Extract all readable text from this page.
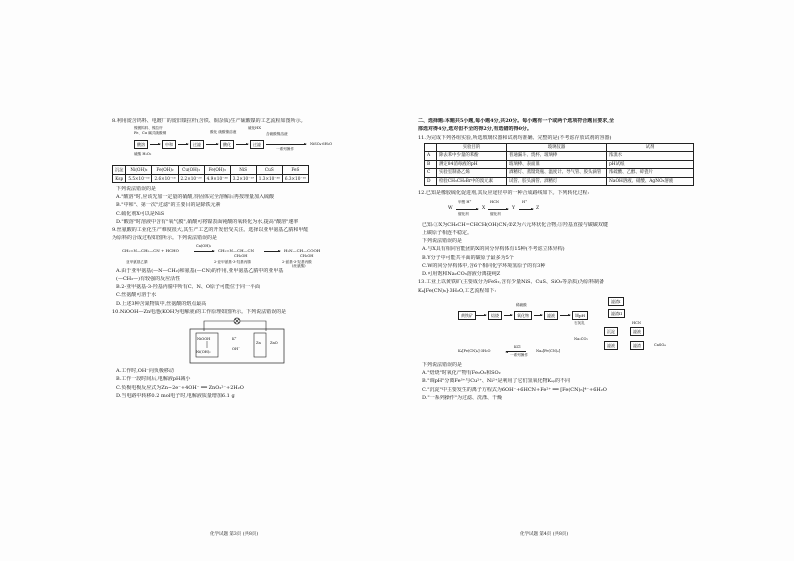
8.利用废含钨料、电镀厂的废旧镍拉杆(含铁、铜杂质)生产硫酸镍的工艺流程如图所示。

镍镀钨料、镍拉杆
Fe、Cu 碱式硫酸铜
硫酸 H₂O₂
酸溶	中和	过滤	酸化
酸化 硫酸镍溶液
硫化HX
过滤
含硫酸镍溶液
一系列操作
NiSO₄·6H₂O
沉淀	Ni(OH)₂	Fe(OH)₂	Cu(OH)₂	Fe(OH)₃	NiS	CuS	FeS
Ksp	5.5×10⁻¹⁶	2.6×10⁻¹⁶	2.2×10⁻²⁰	4.9×10⁻³⁸	3.2×10⁻¹⁹	1.3×10⁻³⁶	6.3×10⁻¹⁸

下列说法错误的是

A."酸溶"时,应该先加一定量的硝酸,待固体完全溶解后再按理量加入硫酸

B."中和"、第一次"过滤"的主要目的是除铁元素

C.硫化剂X可以是NiS

D."酸溶"时溶液中含有"氧气膜",硝酸可将镍表面钝酸的氧转化为水,提高"酸溶"速率

9.丝氨酸的工业化生产难度很大,其生产工艺的开发倍受关注。选择以亚甲氨基乙腈和甲醛

为原料的合成过程如图所示。下列说法错误的是

CH₂=N—CH₂—CN + HCHO
Ca(OH)₂
CH₂=N—CH—CN
CH₂OH
H₂N—CH—COOH
CH₂OH
亚甲氨基乙腈	2-亚甲氨基-3-羟基丙腈	2-氨基-3-羟基丙酸
(丝氨酸)

A.由于亚甲氨基(—N—CH₂)和氨基(—CN)的作用,亚甲氨基乙腈中的亚甲基

(—CH₂—)有较强的反应活性

B.2-亚甲氨基-3-羟基丙腈中所有C、N、O原子可能位于同一平面

C.丝氨酸可溶于水

D.上述3种含氮物质中,丝氨酸的熔点最高

10.NiOOH—Zn电池(KOH为电解液)的工作原理如图所示。下列说法错误的是

NiOOH
Ni(OH)₂
K⁺
OH⁻
Zn	ZnO

A.工作时,OH⁻向负极移动

B.工作一段时间后,电解液pH减小

C.负极电极反应式为Zn−2e⁻+4OH⁻ ══ ZnO₂²⁻+2H₂O

D.当电路中转移0.2 mol电子时,电解液质量增加6.1 g

化学试题 第3页 (共8页)

二、选择题:本题共5小题,每小题4分,共20分。每小题有一个或两个选项符合题目要求,全

部选对得4分,选对但不全的得2分,有选错的得0分。

11.为完成下列各组实验,所选玻璃仪器和试剂均准确、完整的是(不考虑存放试剂的容器)

	实验目的	玻璃仪器	试剂
A	除去苯中少量的苯酚	普通漏斗、烧杯、玻璃棒	浓溴水
B	测定84消毒液的pH	玻璃棒、表面皿	pH试纸
C	实验室制备乙烯	酒精灯、蒸馏烧瓶、温度计、导气管、胶头滴管	浓硫酸、乙醇、碎瓷片
D	检验CH₃CH₂Br中的溴元素	试管、胶头滴管、酒精灯	NaOH溶液、硝酸、AgNO₃溶液

12.已知是橡胶硫化促进剂,其反应途径中的一种合成路线如下。下列转化过程:

W
甲醛 H⁺
催化剂
X
HCN
催化剂
Y
H⁺
Z

已知:①X为CH₃CH=CHCH(OH)CN;②Z为六元环状化合物;③羟基直接与碳碳双键

上碳原子相连不稳定。

下列说法错误的是

A.与X具有相同官能团的X的同分异构体有15种(不考虑立体异构)

B.Y分子中可能共平面的碳原子最多为5个

C.W的同分异构体中,含6个相同化学环境氢原子的有3种

D.可用饱和Na₂CO₃溶液分离提纯Z

13.工业上以黄铁矿(主要成分为FeS₂,含有少量NiS、CuS、SiO₂等杂质)为原料制备

K₄[Fe(CN)₆]·3H₂O,工艺流程如下:

黄铁矿	焙烧	氧化物
稀硫酸
滤液
滤渣I
调pH	滤渣II
石灰乳	HCN
沉淀	滤液
Na₂CO₃
滤液	滤渣	CaSO₄
KCl
一系列操作
K₄[Fe(CN)₆]·3H₂O	Na₄[Fe(CN)₆]

下列说法错误的是

A."焙烧"时氧化产物有Fe₂O₃和SO₂

B."调pH"分离Fe³⁺与Cu²⁺、Ni²⁺是利用了它们氢氧化物Kₛₚ的不同

C."沉淀"中主要发生的离子方程式为6OH⁻+6HCN+Fe²⁺ ══ [Fe(CN)₆]⁴⁻+6H₂O

D."一系列操作"为过滤、洗涤、干燥

化学试题 第4页 (共8页)
